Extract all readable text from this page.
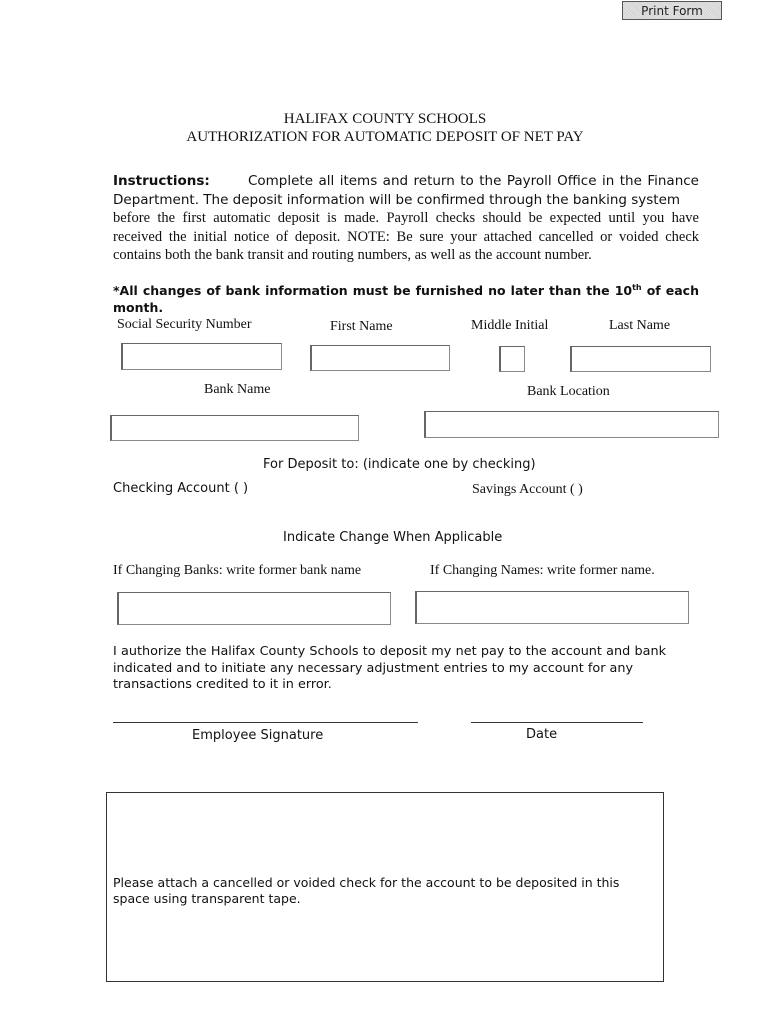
Print Form
HALIFAX COUNTY SCHOOLS
AUTHORIZATION FOR AUTOMATIC DEPOSIT OF NET PAY
Instructions:	Complete all items and return to the Payroll Office in the Finance
Department. The deposit information will be confirmed through the banking system
before the first automatic deposit is made. Payroll checks should be expected until you have received the initial notice of deposit. NOTE: Be sure your attached cancelled or voided check contains both the bank transit and routing numbers, as well as the account number.
*All changes of bank information must be furnished no later than the 10th of each month.
Social Security Number	First Name	Middle Initial	Last Name
Bank Name	Bank Location
For Deposit to: (indicate one by checking)
Checking Account ( )	Savings Account ( )
Indicate Change When Applicable
If Changing Banks: write former bank name	If Changing Names: write former name.
I authorize the Halifax County Schools to deposit my net pay to the account and bank
indicated and to initiate any necessary adjustment entries to my account for any
transactions credited to it in error.
Employee Signature	Date
Please attach a cancelled or voided check for the account to be deposited in this space using transparent tape.
